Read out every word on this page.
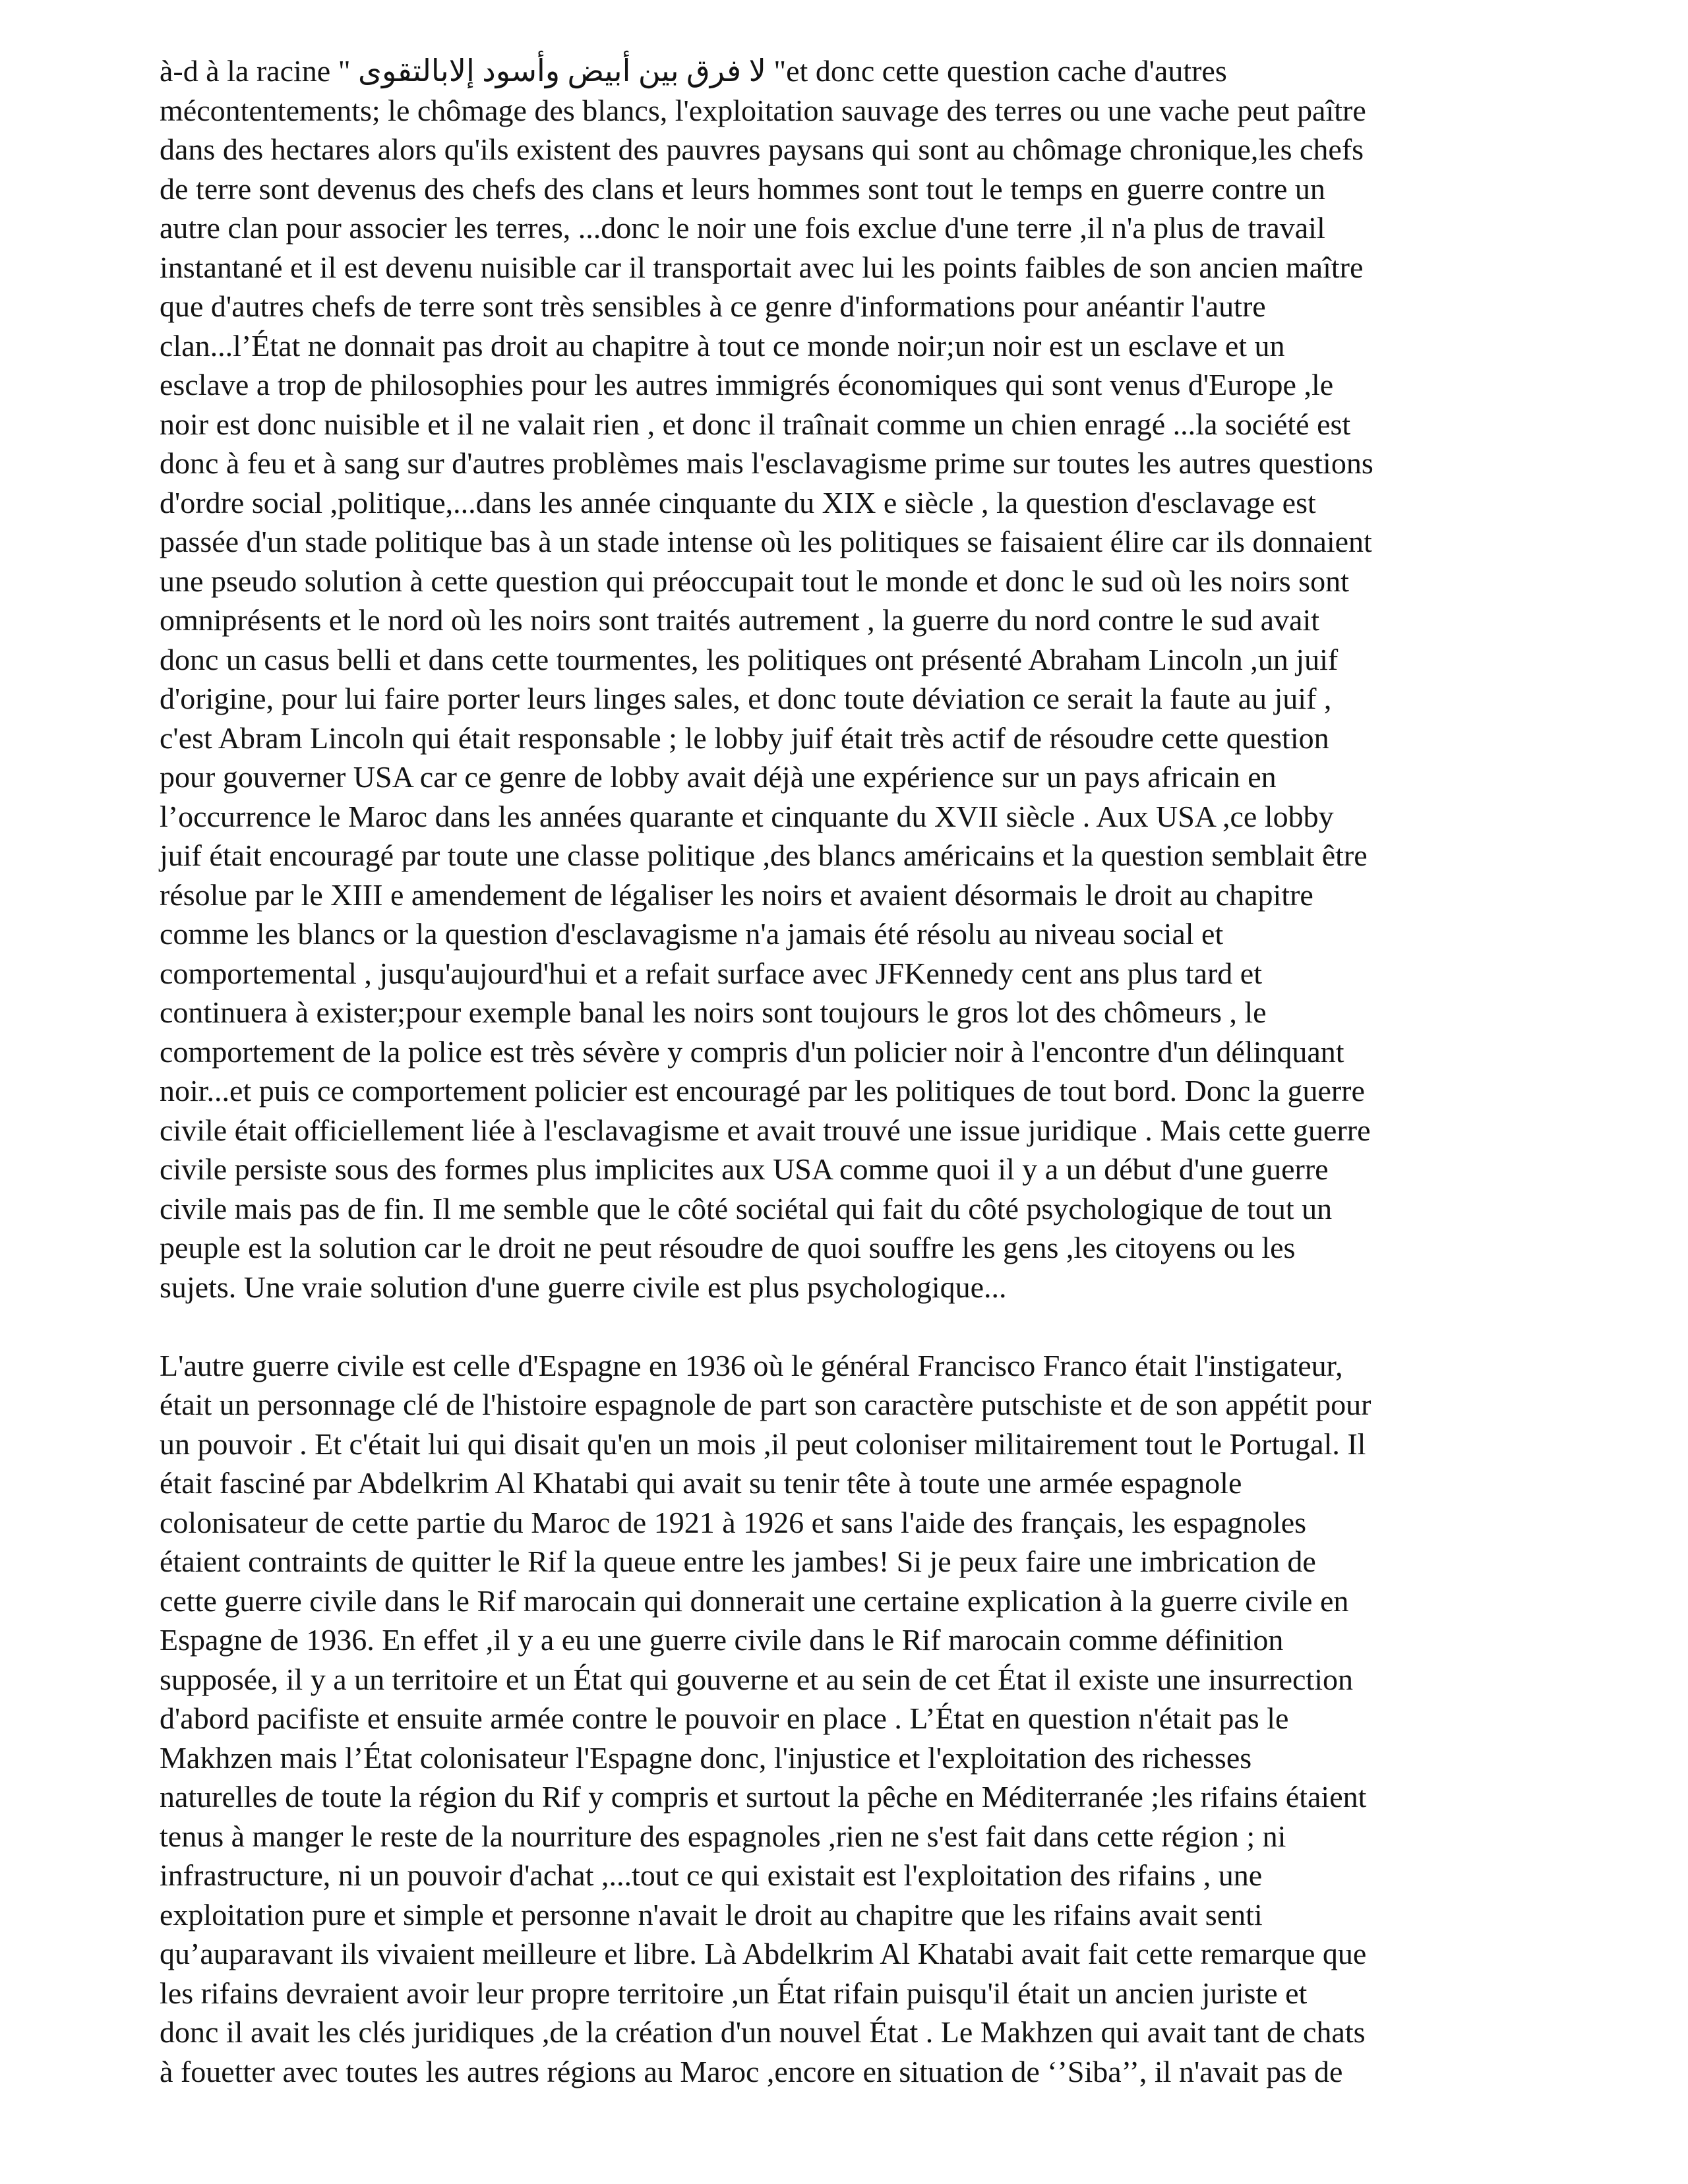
à-d à la racine " لا فرق بين أبيض وأسود إلابالتقوى "et donc cette question cache d'autres
mécontentements; le chômage des blancs, l'exploitation sauvage des terres ou une vache peut paître
dans des hectares alors qu'ils existent des pauvres paysans qui sont au chômage chronique,les chefs
de terre sont devenus des chefs des clans et leurs hommes sont tout le temps en guerre contre un
autre clan pour associer les terres, ...donc le noir une fois exclue d'une terre ,il n'a plus de travail
instantané et il est devenu nuisible car il transportait avec lui les points faibles de son ancien maître
que d'autres chefs de terre sont très sensibles à ce genre d'informations pour anéantir l'autre
clan...l’État ne donnait pas droit au chapitre à tout ce monde noir;un noir est un esclave et un
esclave a trop de philosophies pour les autres immigrés économiques qui sont venus d'Europe ,le
noir est donc nuisible et il ne valait rien , et donc il traînait comme un chien enragé ...la société est
donc à feu et à sang sur d'autres problèmes mais l'esclavagisme prime sur toutes les autres questions
d'ordre social ,politique,...dans les année cinquante du XIX e siècle , la question d'esclavage est
passée d'un stade politique bas à un stade intense où les politiques se faisaient élire car ils donnaient
une pseudo solution à cette question qui préoccupait tout le monde et donc le sud où les noirs sont
omniprésents et le nord où les noirs sont traités autrement , la guerre du nord contre le sud avait
donc un casus belli et dans cette tourmentes, les politiques ont présenté Abraham Lincoln ,un juif
d'origine, pour lui faire porter leurs linges sales, et donc toute déviation ce serait la faute au juif ,
c'est Abram Lincoln qui était responsable ; le lobby juif était très actif de résoudre cette question
pour gouverner USA car ce genre de lobby avait déjà une expérience sur un pays africain en
l’occurrence le Maroc dans les années quarante et cinquante du XVII siècle . Aux USA ,ce lobby
juif était encouragé par toute une classe politique ,des blancs américains et la question semblait être
résolue par le XIII e amendement de légaliser les noirs et avaient désormais le droit au chapitre
comme les blancs or la question d'esclavagisme n'a jamais été résolu au niveau social et
comportemental , jusqu'aujourd'hui et a refait surface avec JFKennedy cent ans plus tard et
continuera à exister;pour exemple banal les noirs sont toujours le gros lot des chômeurs , le
comportement de la police est très sévère y compris d'un policier noir à l'encontre d'un délinquant
noir...et puis ce comportement policier est encouragé par les politiques de tout bord. Donc la guerre
civile était officiellement liée à l'esclavagisme et avait trouvé une issue juridique . Mais cette guerre
civile persiste sous des formes plus implicites aux USA comme quoi il y a un début d'une guerre
civile mais pas de fin. Il me semble que le côté sociétal qui fait du côté psychologique de tout un
peuple est la solution car le droit ne peut résoudre de quoi souffre les gens ,les citoyens ou les
sujets. Une vraie solution d'une guerre civile est plus psychologique...
L'autre guerre civile est celle d'Espagne en 1936 où le général Francisco Franco était l'instigateur,
était un personnage clé de l'histoire espagnole de part son caractère putschiste et de son appétit pour
un pouvoir . Et c'était lui qui disait qu'en un mois ,il peut coloniser militairement tout le Portugal. Il
était fasciné par Abdelkrim Al Khatabi qui avait su tenir tête à toute une armée espagnole
colonisateur de cette partie du Maroc de 1921 à 1926 et sans l'aide des français, les espagnoles
étaient contraints de quitter le Rif la queue entre les jambes! Si je peux faire une imbrication de
cette guerre civile dans le Rif marocain qui donnerait une certaine explication à la guerre civile en
Espagne de 1936. En effet ,il y a eu une guerre civile dans le Rif marocain comme définition
supposée, il y a un territoire et un État qui gouverne et au sein de cet État il existe une insurrection
d'abord pacifiste et ensuite armée contre le pouvoir en place . L’État en question n'était pas le
Makhzen mais l’État colonisateur l'Espagne donc, l'injustice et l'exploitation des richesses
naturelles de toute la région du Rif y compris et surtout la pêche en Méditerranée ;les rifains étaient
tenus à manger le reste de la nourriture des espagnoles ,rien ne s'est fait dans cette région ; ni
infrastructure, ni un pouvoir d'achat ,...tout ce qui existait est l'exploitation des rifains , une
exploitation pure et simple et personne n'avait le droit au chapitre que les rifains avait senti
qu’auparavant ils vivaient meilleure et libre. Là Abdelkrim Al Khatabi avait fait cette remarque que
les rifains devraient avoir leur propre territoire ,un État rifain puisqu'il était un ancien juriste et
donc il avait les clés juridiques ,de la création d'un nouvel État . Le Makhzen qui avait tant de chats
à fouetter avec toutes les autres régions au Maroc ,encore en situation de ‘’Siba’’, il n'avait pas de
